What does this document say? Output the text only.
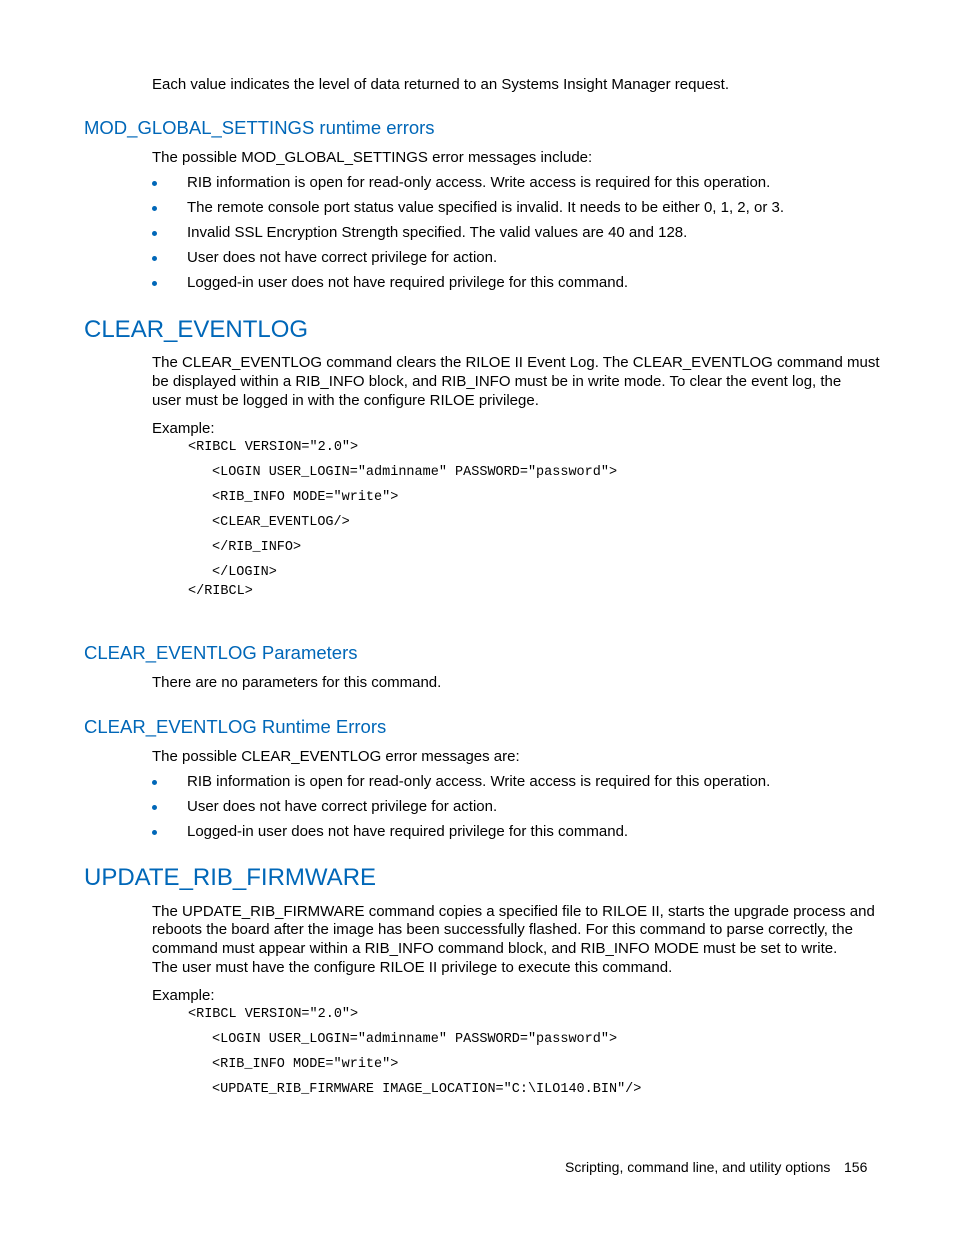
Each value indicates the level of data returned to an Systems Insight Manager request.
MOD_GLOBAL_SETTINGS runtime errors
The possible MOD_GLOBAL_SETTINGS error messages include:
RIB information is open for read-only access. Write access is required for this operation.
The remote console port status value specified is invalid. It needs to be either 0, 1, 2, or 3.
Invalid SSL Encryption Strength specified. The valid values are 40 and 128.
User does not have correct privilege for action.
Logged-in user does not have required privilege for this command.
CLEAR_EVENTLOG
The CLEAR_EVENTLOG command clears the RILOE II Event Log. The CLEAR_EVENTLOG command must
be displayed within a RIB_INFO block, and RIB_INFO must be in write mode. To clear the event log, the
user must be logged in with the configure RILOE privilege.
Example:
<RIBCL VERSION="2.0">
<LOGIN USER_LOGIN="adminname" PASSWORD="password">
<RIB_INFO MODE="write">
<CLEAR_EVENTLOG/>
</RIB_INFO>
</LOGIN>
</RIBCL>
CLEAR_EVENTLOG Parameters
There are no parameters for this command.
CLEAR_EVENTLOG Runtime Errors
The possible CLEAR_EVENTLOG error messages are:
RIB information is open for read-only access. Write access is required for this operation.
User does not have correct privilege for action.
Logged-in user does not have required privilege for this command.
UPDATE_RIB_FIRMWARE
The UPDATE_RIB_FIRMWARE command copies a specified file to RILOE II, starts the upgrade process and
reboots the board after the image has been successfully flashed. For this command to parse correctly, the
command must appear within a RIB_INFO command block, and RIB_INFO MODE must be set to write.
The user must have the configure RILOE II privilege to execute this command.
Example:
<RIBCL VERSION="2.0">
<LOGIN USER_LOGIN="adminname" PASSWORD="password">
<RIB_INFO MODE="write">
<UPDATE_RIB_FIRMWARE IMAGE_LOCATION="C:\ILO140.BIN"/>
Scripting, command line, and utility options 156
